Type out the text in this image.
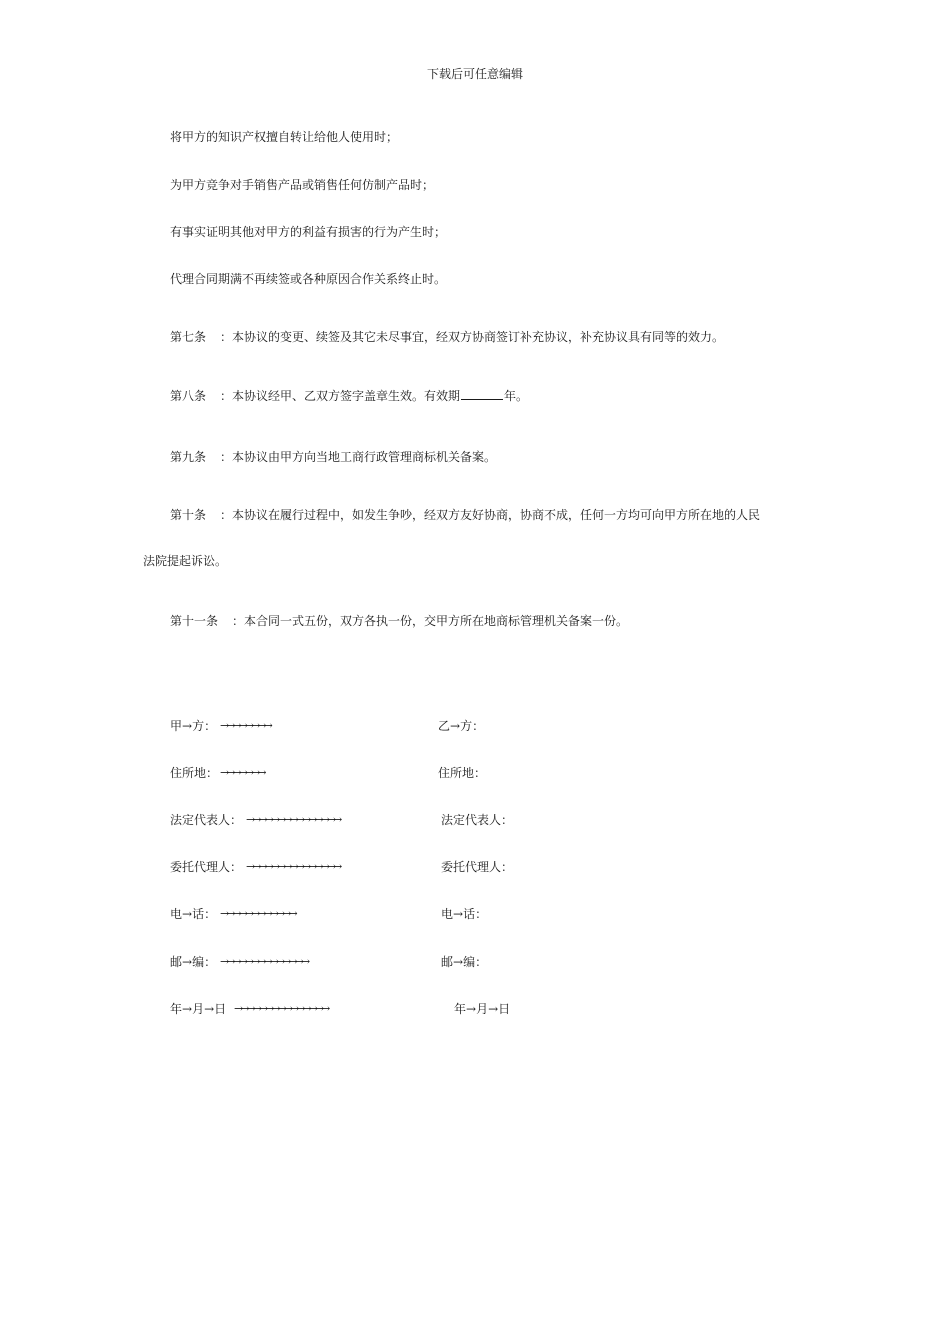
下载后可任意编辑
将甲方的知识产权擅自转让给他人使用时；
为甲方竞争对手销售产品或销售任何仿制产品时；
有事实证明其他对甲方的利益有损害的行为产生时；
代理合同期满不再续签或各种原因合作关系终止时。
第七条 ：本协议的变更、续签及其它未尽事宜，经双方协商签订补充协议，补充协议具有同等的效力。
第八条 ：本协议经甲、乙双方签字盖章生效。有效期	年。
第九条 ：本协议由甲方向当地工商行政管理商标机关备案。
第十条 ：本协议在履行过程中，如发生争吵，经双方友好协商，协商不成，任何一方均可向甲方所在地的人民
法院提起诉讼。
第十一条 ：本合同一式五份，双方各执一份，交甲方所在地商标管理机关备案一份。
甲→方： →→→→→→→→
住所地： →→→→→→→
法定代表人： →→→→→→→→→→→→→→→
委托代理人： →→→→→→→→→→→→→→→
电→话： →→→→→→→→→→→→
邮→编： →→→→→→→→→→→→→→
年→月→日 →→→→→→→→→→→→→→→
乙→方：
住所地：
法定代表人：
委托代理人：
电→话：
邮→编：
年→月→日
